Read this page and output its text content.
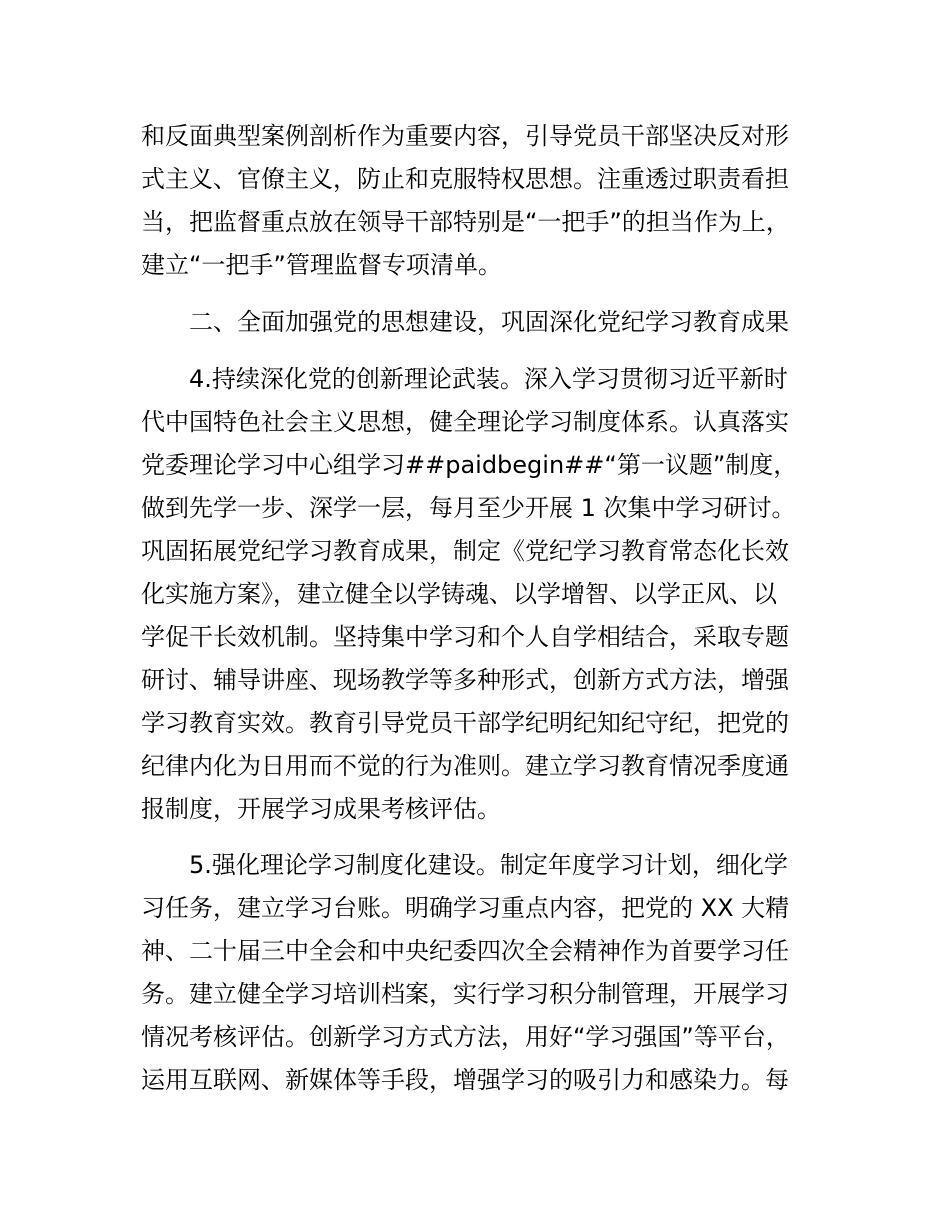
和反面典型案例剖析作为重要内容，引导党员干部坚决反对形

式主义、官僚主义，防止和克服特权思想。注重透过职责看担

当，把监督重点放在领导干部特别是“一把手”的担当作为上，

建立“一把手”管理监督专项清单。

二、全面加强党的思想建设，巩固深化党纪学习教育成果

4.持续深化党的创新理论武装。深入学习贯彻习近平新时

代中国特色社会主义思想，健全理论学习制度体系。认真落实

党委理论学习中心组学习##paidbegin##“第一议题”制度，

做到先学一步、深学一层，每月至少开展 1 次集中学习研讨。

巩固拓展党纪学习教育成果，制定《党纪学习教育常态化长效

化实施方案》，建立健全以学铸魂、以学增智、以学正风、以

学促干长效机制。坚持集中学习和个人自学相结合，采取专题

研讨、辅导讲座、现场教学等多种形式，创新方式方法，增强

学习教育实效。教育引导党员干部学纪明纪知纪守纪，把党的

纪律内化为日用而不觉的行为准则。建立学习教育情况季度通

报制度，开展学习成果考核评估。

5.强化理论学习制度化建设。制定年度学习计划，细化学

习任务，建立学习台账。明确学习重点内容，把党的 XX 大精

神、二十届三中全会和中央纪委四次全会精神作为首要学习任

务。建立健全学习培训档案，实行学习积分制管理，开展学习

情况考核评估。创新学习方式方法，用好“学习强国”等平台，

运用互联网、新媒体等手段，增强学习的吸引力和感染力。每
